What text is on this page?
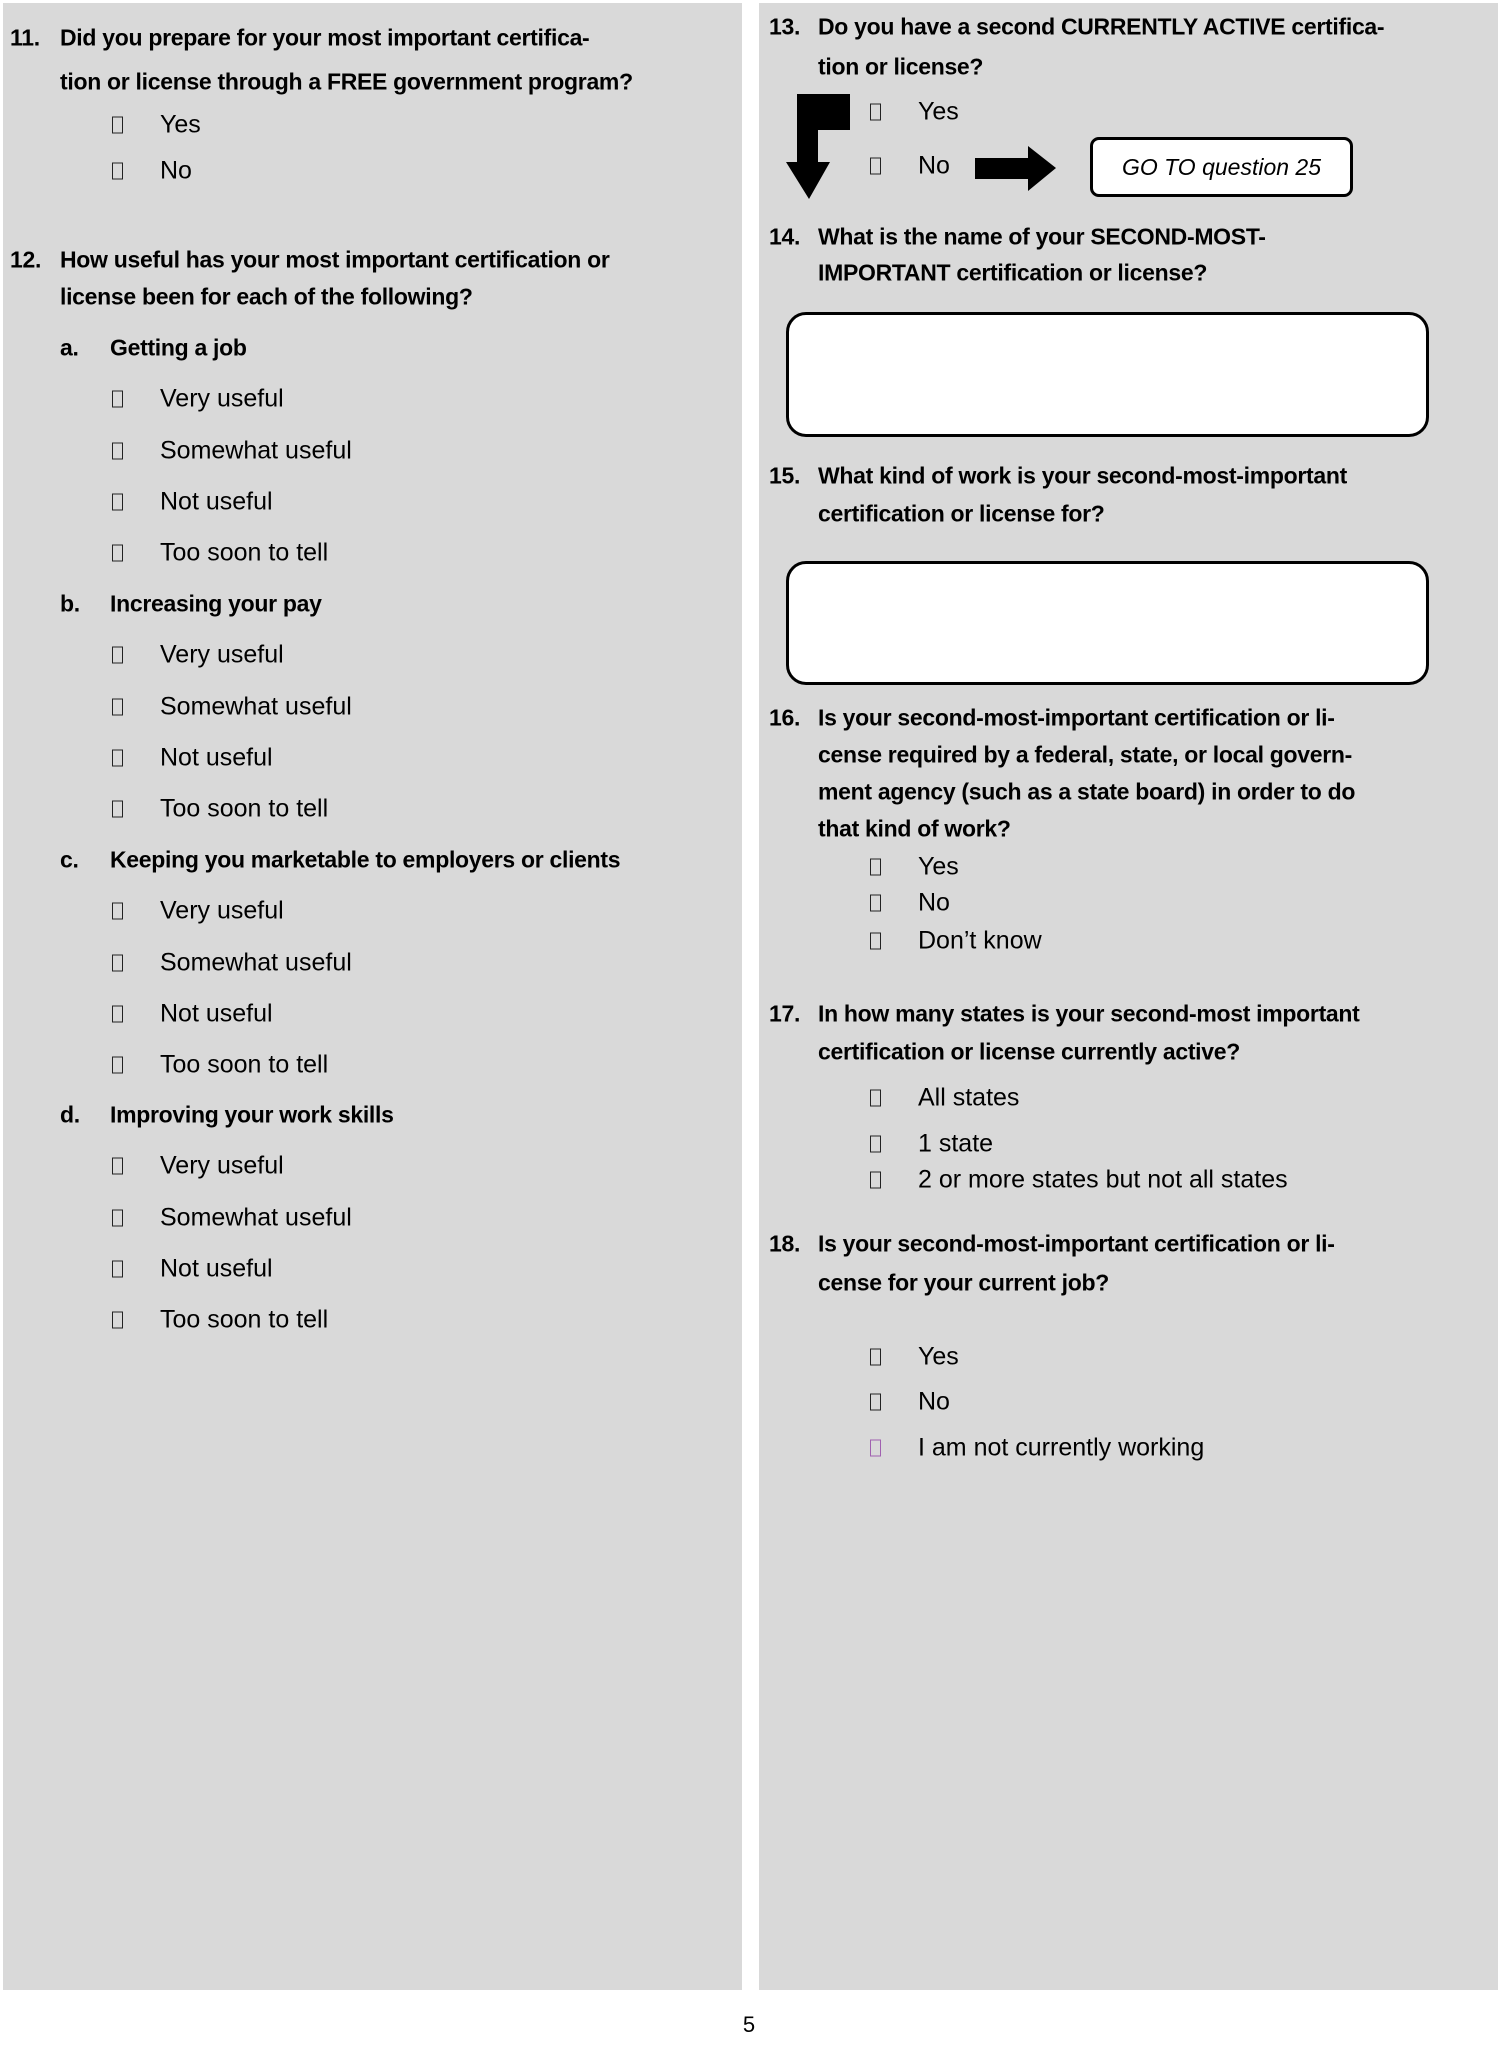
11. Did you prepare for your most important certifica-
tion or license through a FREE government program?
Yes
No
12. How useful has your most important certification or
license been for each of the following?
a. Getting a job
Very useful
Somewhat useful
Not useful
Too soon to tell
b. Increasing your pay
Very useful
Somewhat useful
Not useful
Too soon to tell
c. Keeping you marketable to employers or clients
Very useful
Somewhat useful
Not useful
Too soon to tell
d. Improving your work skills
Very useful
Somewhat useful
Not useful
Too soon to tell
13. Do you have a second CURRENTLY ACTIVE certifica-
tion or license?
Yes
No	GO TO question 25
14. What is the name of your SECOND-MOST-
IMPORTANT certification or license?
15. What kind of work is your second-most-important
certification or license for?
16. Is your second-most-important certification or li-
cense required by a federal, state, or local govern-
ment agency (such as a state board) in order to do
that kind of work?
Yes
No
Don’t know
17. In how many states is your second-most important
certification or license currently active?
All states
1 state
2 or more states but not all states
18. Is your second-most-important certification or li-
cense for your current job?
Yes
No
I am not currently working
5
